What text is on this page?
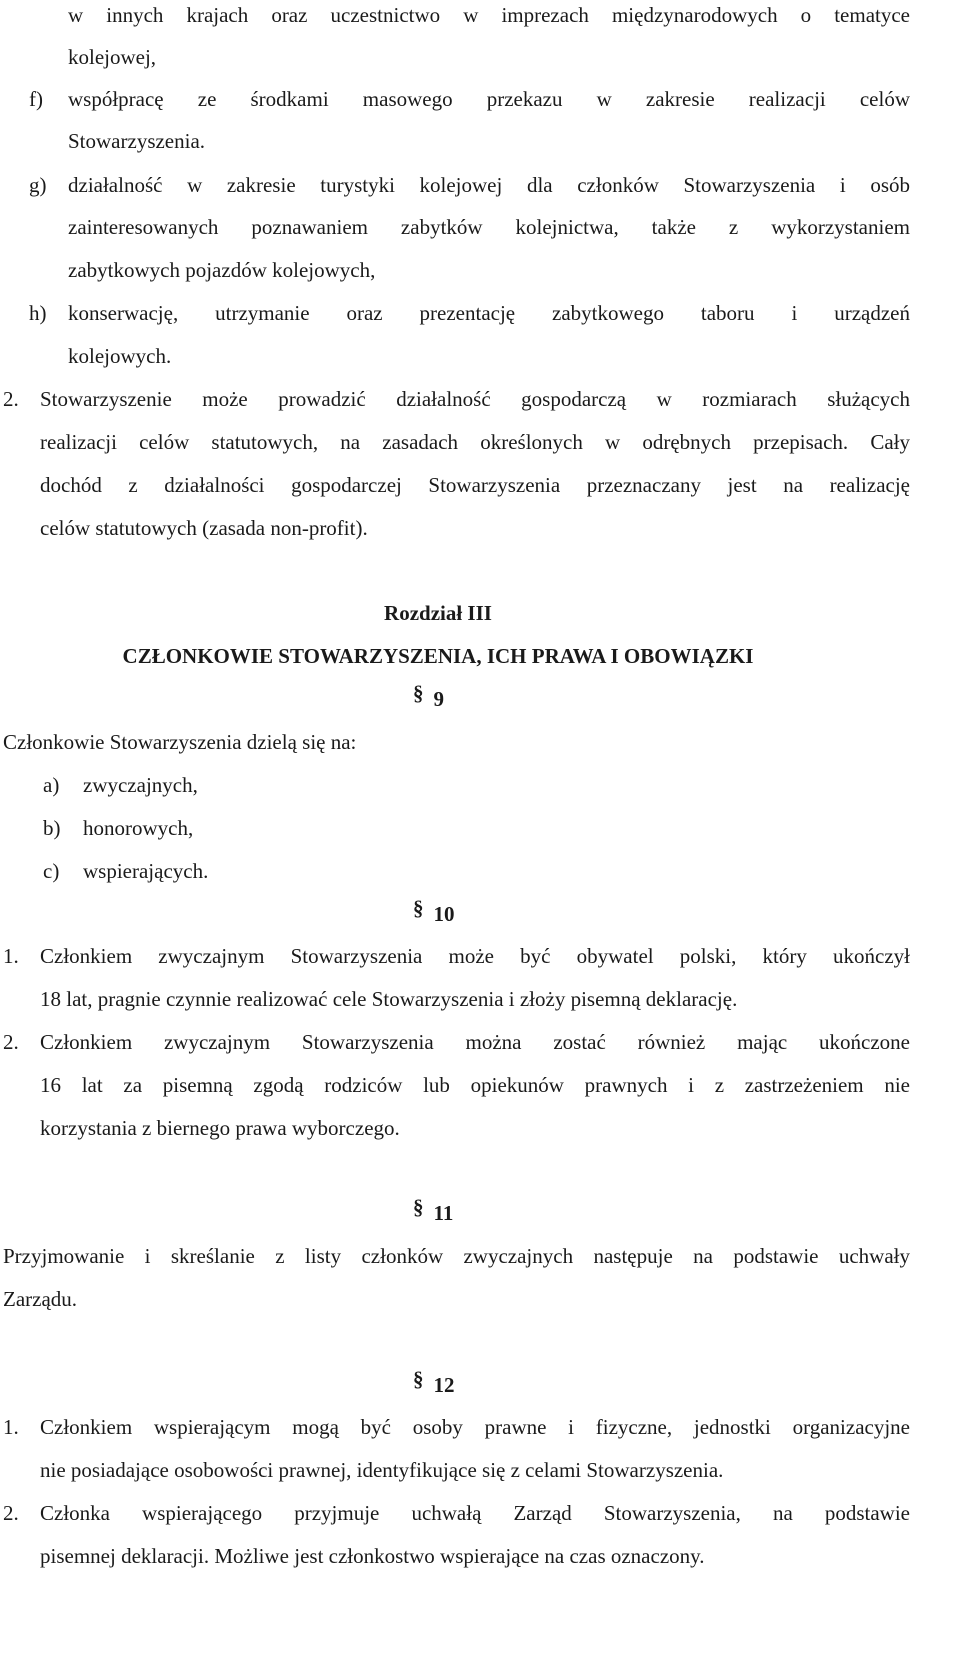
w innych krajach oraz uczestnictwo w imprezach międzynarodowych o tematyce
kolejowej,
f) współpracę ze środkami masowego przekazu w zakresie realizacji celów
Stowarzyszenia.
g) działalność w zakresie turystyki kolejowej dla członków Stowarzyszenia i osób
zainteresowanych poznawaniem zabytków kolejnictwa, także z wykorzystaniem
zabytkowych pojazdów kolejowych,
h) konserwację, utrzymanie oraz prezentację zabytkowego taboru i urządzeń
kolejowych.
2. Stowarzyszenie może prowadzić działalność gospodarczą w rozmiarach służących
realizacji celów statutowych, na zasadach określonych w odrębnych przepisach. Cały
dochód z działalności gospodarczej Stowarzyszenia przeznaczany jest na realizację
celów statutowych (zasada non-profit).
Rozdział III
CZŁONKOWIE STOWARZYSZENIA, ICH PRAWA I OBOWIĄZKI
§ 9
Członkowie Stowarzyszenia dzielą się na:
a) zwyczajnych,
b) honorowych,
c) wspierających.
§ 10
1. Członkiem zwyczajnym Stowarzyszenia może być obywatel polski, który ukończył
18 lat, pragnie czynnie realizować cele Stowarzyszenia i złoży pisemną deklarację.
2. Członkiem zwyczajnym Stowarzyszenia można zostać również mając ukończone
16 lat za pisemną zgodą rodziców lub opiekunów prawnych i z zastrzeżeniem nie
korzystania z biernego prawa wyborczego.
§ 11
Przyjmowanie i skreślanie z listy członków zwyczajnych następuje na podstawie uchwały
Zarządu.
§ 12
1. Członkiem wspierającym mogą być osoby prawne i fizyczne, jednostki organizacyjne
nie posiadające osobowości prawnej, identyfikujące się z celami Stowarzyszenia.
2. Członka wspierającego przyjmuje uchwałą Zarząd Stowarzyszenia, na podstawie
pisemnej deklaracji. Możliwe jest członkostwo wspierające na czas oznaczony.
